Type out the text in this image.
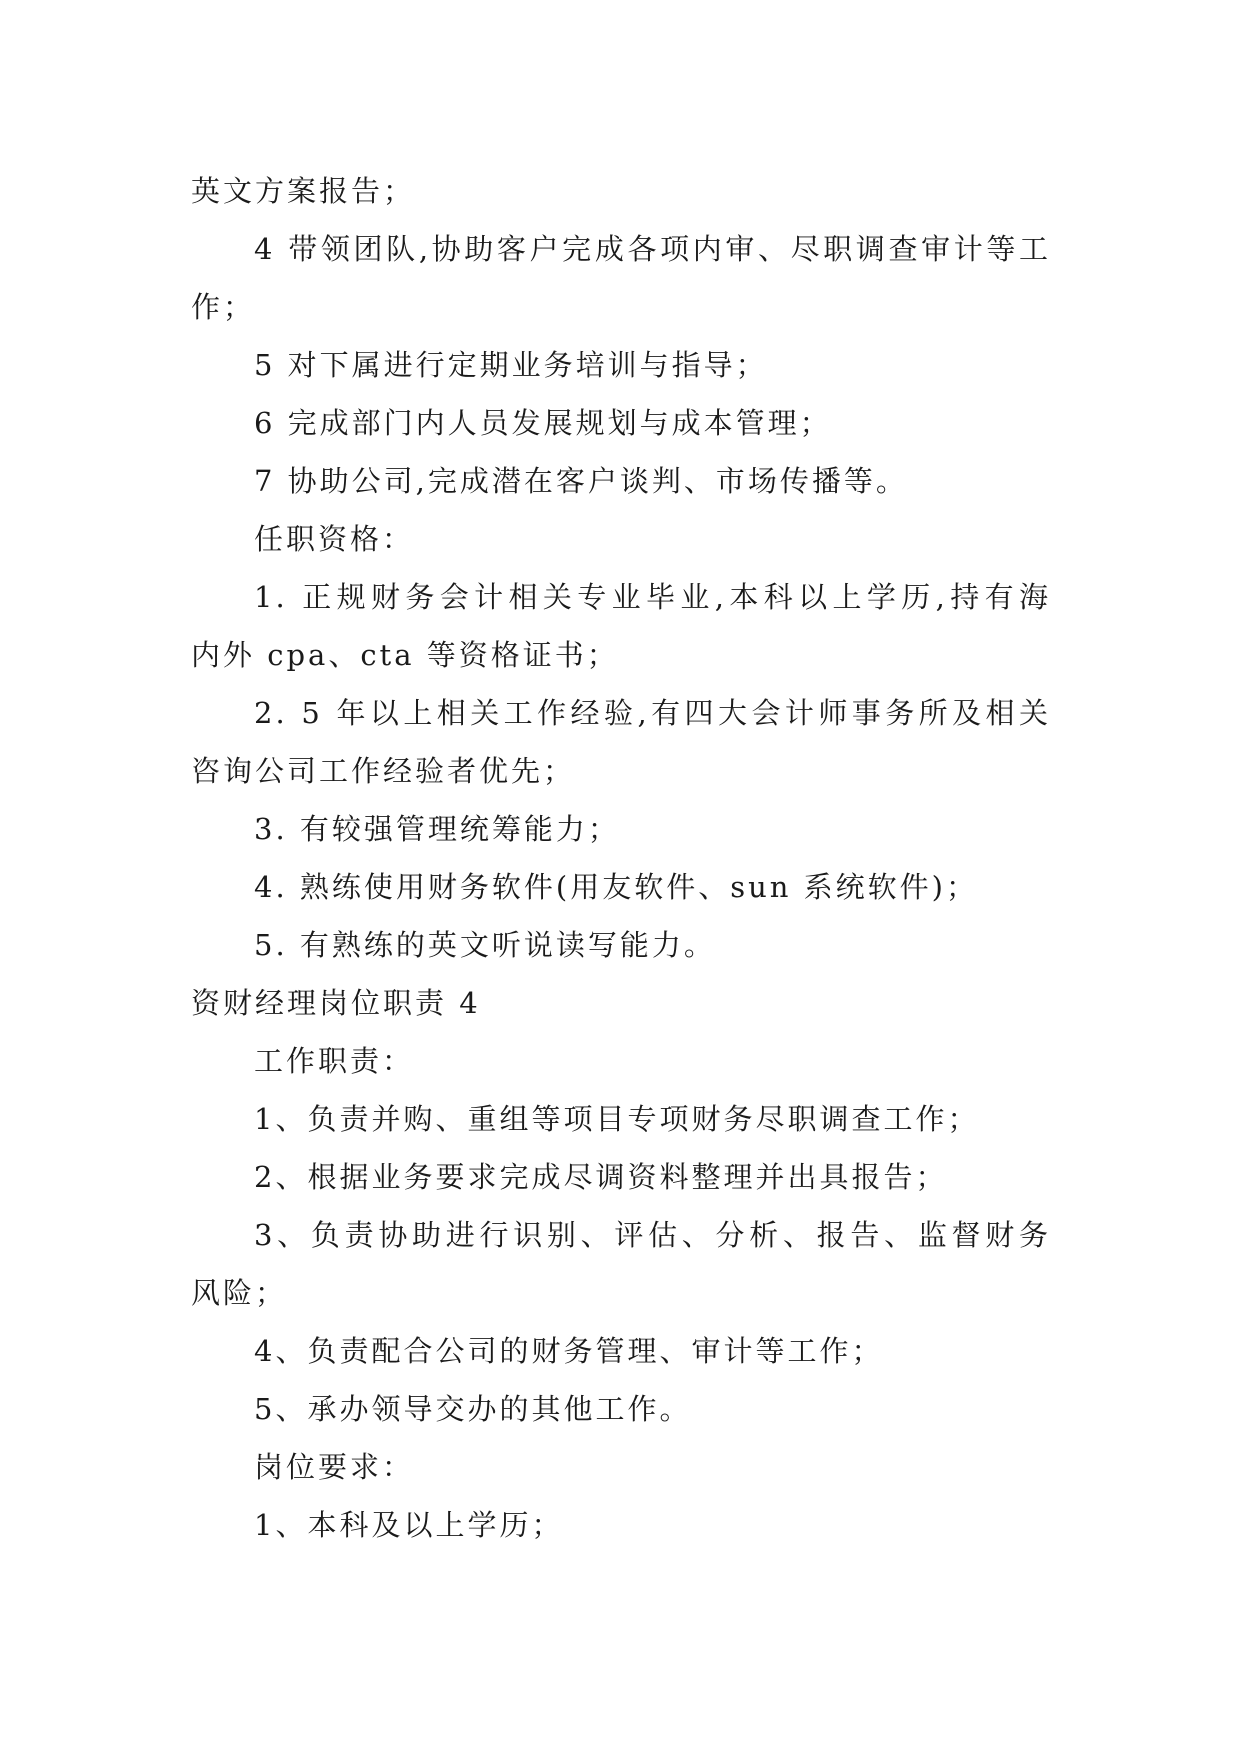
英文方案报告；
4 带领团队,协助客户完成各项内审、尽职调查审计等工
作；
5 对下属进行定期业务培训与指导；
6 完成部门内人员发展规划与成本管理；
7 协助公司,完成潜在客户谈判、市场传播等。
任职资格：
1. 正规财务会计相关专业毕业,本科以上学历,持有海
内外 cpa、cta 等资格证书；
2. 5 年以上相关工作经验,有四大会计师事务所及相关
咨询公司工作经验者优先；
3. 有较强管理统筹能力；
4. 熟练使用财务软件(用友软件、sun 系统软件)；
5. 有熟练的英文听说读写能力。
资财经理岗位职责 4
工作职责：
1、负责并购、重组等项目专项财务尽职调查工作；
2、根据业务要求完成尽调资料整理并出具报告；
3、负责协助进行识别、评估、分析、报告、监督财务
风险；
4、负责配合公司的财务管理、审计等工作；
5、承办领导交办的其他工作。
岗位要求：
1、本科及以上学历；
